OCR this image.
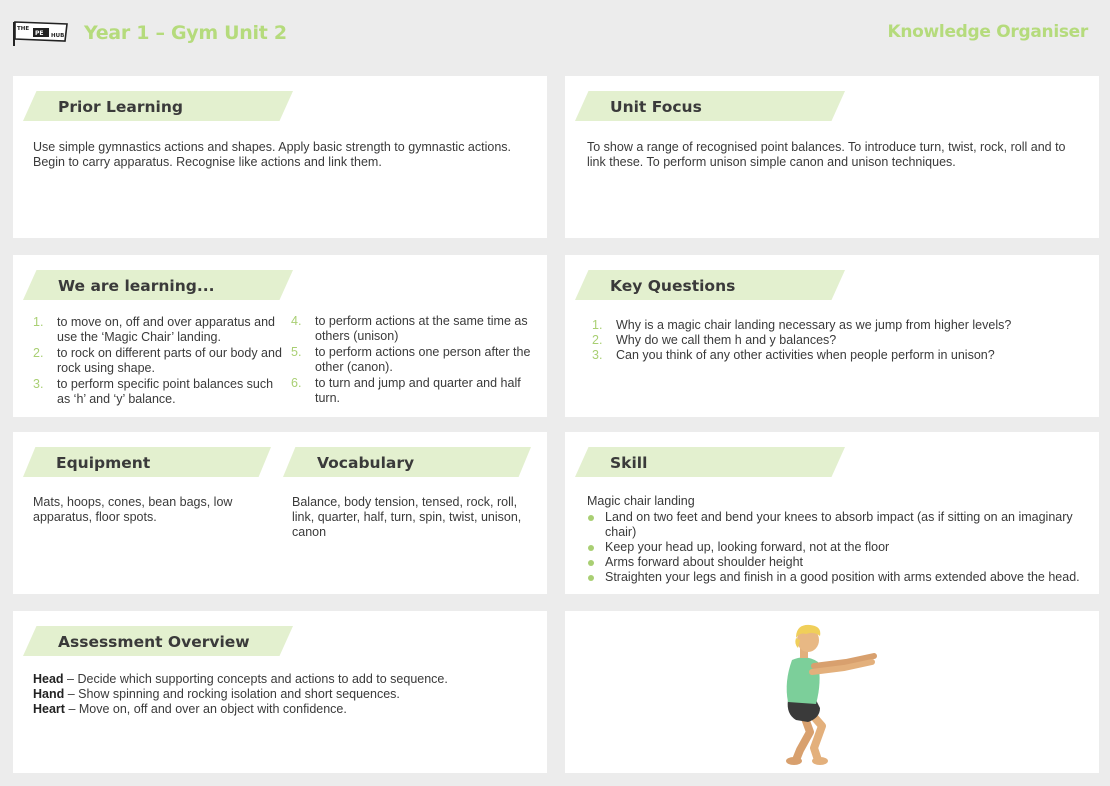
THE
PE HUB Year 1 – Gym Unit 2	Knowledge Organiser
Prior Learning
Use simple gymnastics actions and shapes. Apply basic strength to gymnastic actions. Begin to carry apparatus. Recognise like actions and link them.
Unit Focus
To show a range of recognised point balances. To introduce turn, twist, rock, roll and to link these. To perform unison simple canon and unison techniques.
We are learning...
1. to move on, off and over apparatus and use the ‘Magic Chair’ landing.
2. to rock on different parts of our body and rock using shape.
3. to perform specific point balances such as ‘h’ and ‘y’ balance.
4. to perform actions at the same time as others (unison)
5. to perform actions one person after the other (canon).
6. to turn and jump and quarter and half turn.
Key Questions
1. Why is a magic chair landing necessary as we jump from higher levels?
2. Why do we call them h and y balances?
3. Can you think of any other activities when people perform in unison?
Equipment
Mats, hoops, cones, bean bags, low apparatus, floor spots.
Vocabulary
Balance, body tension, tensed, rock, roll, link, quarter, half, turn, spin, twist, unison, canon
Skill
Magic chair landing
Land on two feet and bend your knees to absorb impact (as if sitting on an imaginary chair)
Keep your head up, looking forward, not at the floor
Arms forward about shoulder height
Straighten your legs and finish in a good position with arms extended above the head.
Assessment Overview
Head – Decide which supporting concepts and actions to add to sequence.
Hand – Show spinning and rocking isolation and short sequences.
Heart – Move on, off and over an object with confidence.
